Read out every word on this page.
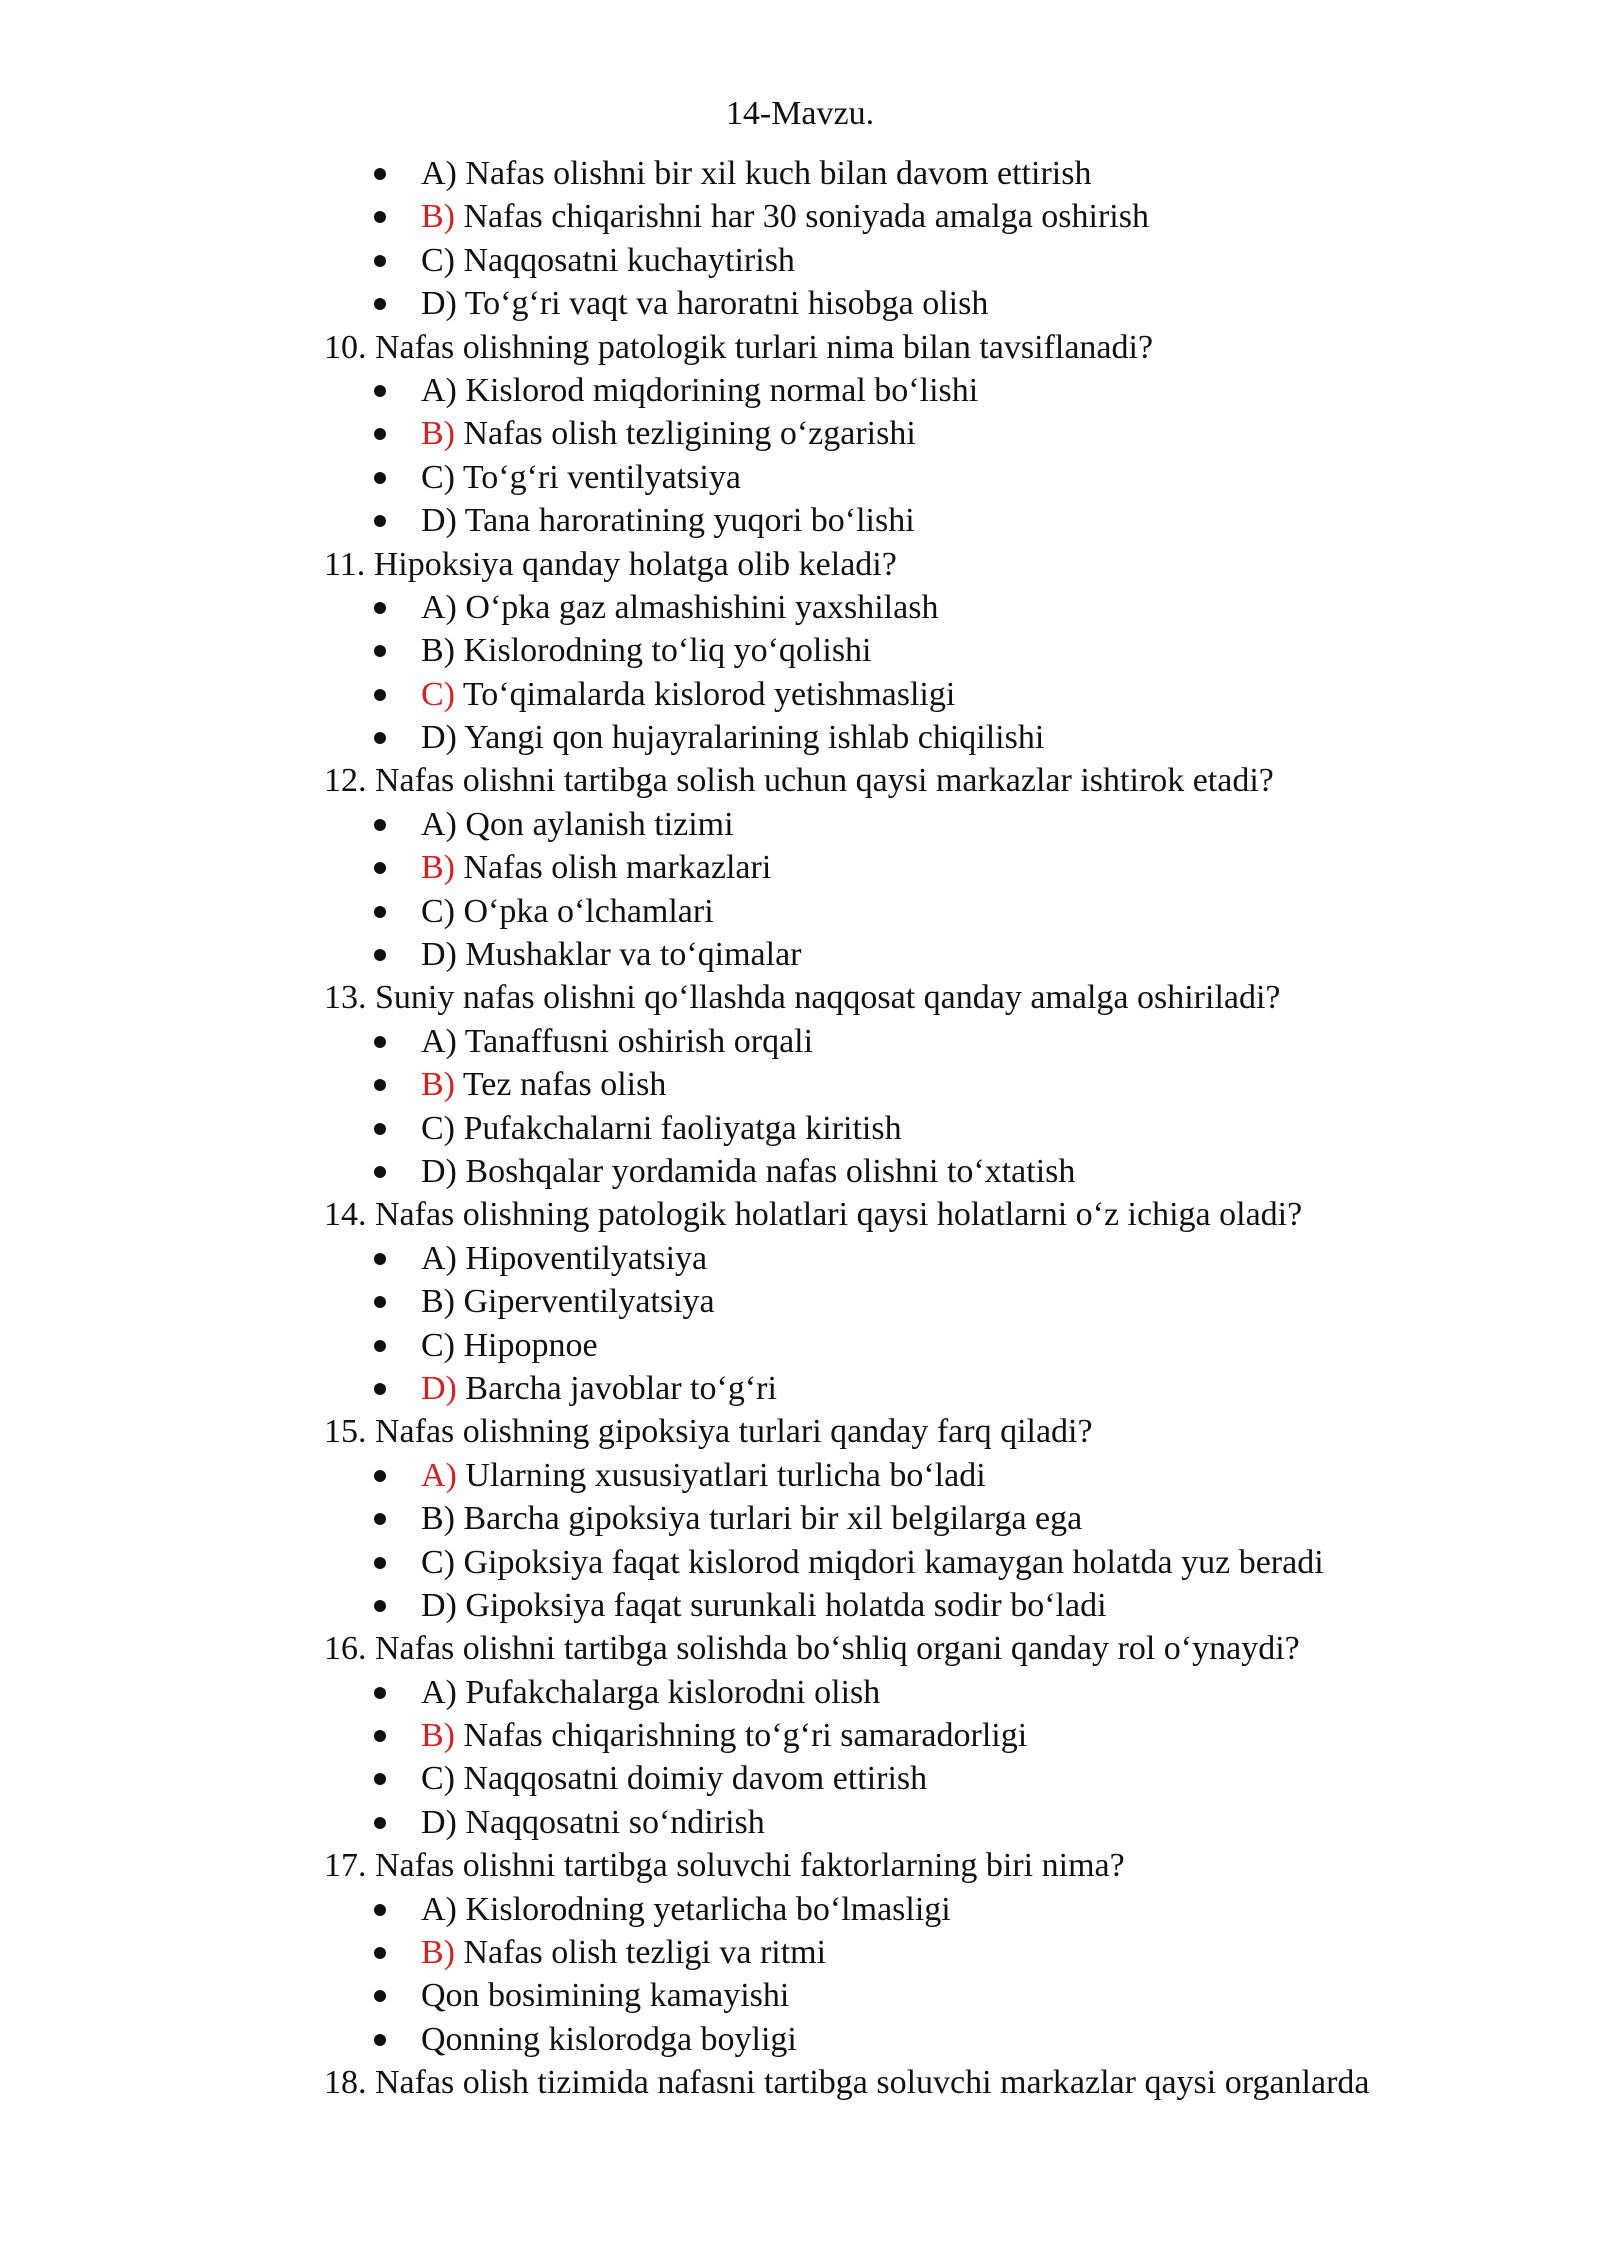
14-Mavzu.
A) Nafas olishni bir xil kuch bilan davom ettirish
B) Nafas chiqarishni har 30 soniyada amalga oshirish
C) Naqqosatni kuchaytirish
D) To‘g‘ri vaqt va haroratni hisobga olish
10. Nafas olishning patologik turlari nima bilan tavsiflanadi?
A) Kislorod miqdorining normal bo‘lishi
B) Nafas olish tezligining o‘zgarishi
C) To‘g‘ri ventilyatsiya
D) Tana haroratining yuqori bo‘lishi
11. Hipoksiya qanday holatga olib keladi?
A) O‘pka gaz almashishini yaxshilash
B) Kislorodning to‘liq yo‘qolishi
C) To‘qimalarda kislorod yetishmasligi
D) Yangi qon hujayralarining ishlab chiqilishi
12. Nafas olishni tartibga solish uchun qaysi markazlar ishtirok etadi?
A) Qon aylanish tizimi
B) Nafas olish markazlari
C) O‘pka o‘lchamlari
D) Mushaklar va to‘qimalar
13. Suniy nafas olishni qo‘llashda naqqosat qanday amalga oshiriladi?
A) Tanaffusni oshirish orqali
B) Tez nafas olish
C) Pufakchalarni faoliyatga kiritish
D) Boshqalar yordamida nafas olishni to‘xtatish
14. Nafas olishning patologik holatlari qaysi holatlarni o‘z ichiga oladi?
A) Hipoventilyatsiya
B) Giperventilyatsiya
C) Hipopnoe
D) Barcha javoblar to‘g‘ri
15. Nafas olishning gipoksiya turlari qanday farq qiladi?
A) Ularning xususiyatlari turlicha bo‘ladi
B) Barcha gipoksiya turlari bir xil belgilarga ega
C) Gipoksiya faqat kislorod miqdori kamaygan holatda yuz beradi
D) Gipoksiya faqat surunkali holatda sodir bo‘ladi
16. Nafas olishni tartibga solishda bo‘shliq organi qanday rol o‘ynaydi?
A) Pufakchalarga kislorodni olish
B) Nafas chiqarishning to‘g‘ri samaradorligi
C) Naqqosatni doimiy davom ettirish
D) Naqqosatni so‘ndirish
17. Nafas olishni tartibga soluvchi faktorlarning biri nima?
A) Kislorodning yetarlicha bo‘lmasligi
B) Nafas olish tezligi va ritmi
Qon bosimining kamayishi
Qonning kislorodga boyligi
18. Nafas olish tizimida nafasni tartibga soluvchi markazlar qaysi organlarda
